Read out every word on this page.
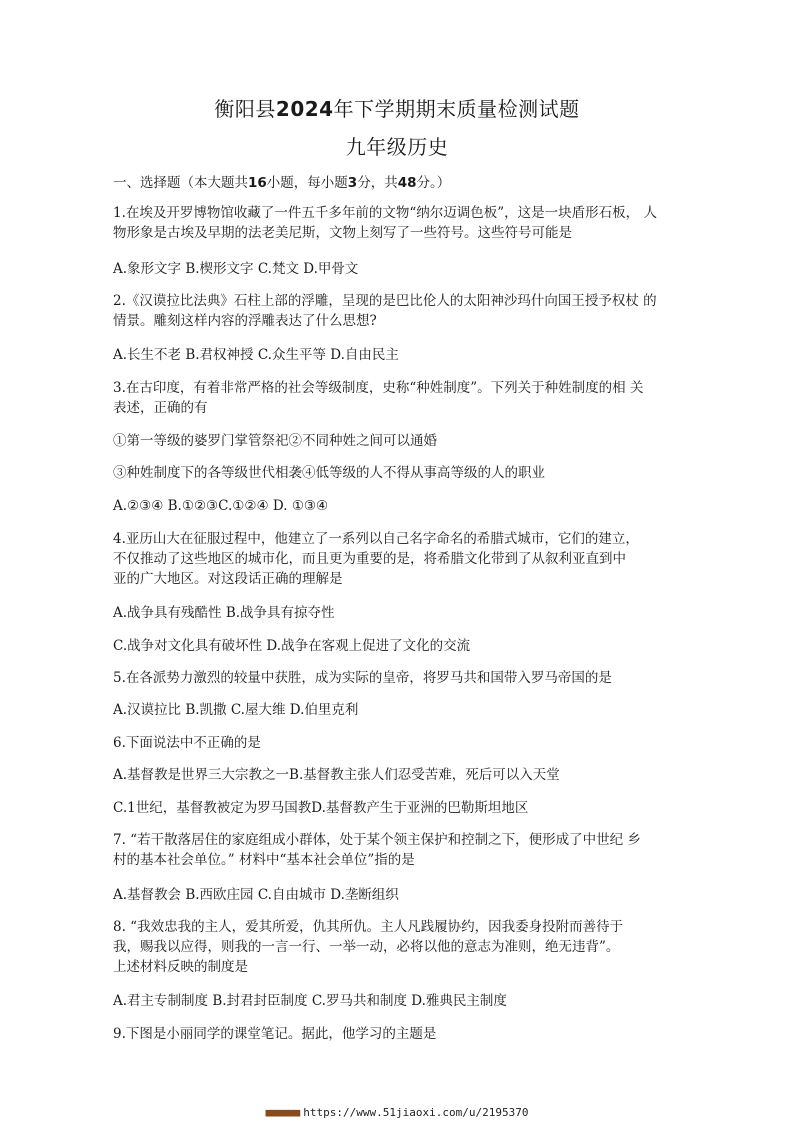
衡阳县2024年下学期期末质量检测试题
九年级历史
一、选择题（本大题共16小题，每小题3分，共48分。）
1.在埃及开罗博物馆收藏了一件五千多年前的文物“纳尔迈调色板”，这是一块盾形石板， 人
物形象是古埃及早期的法老美尼斯，文物上刻写了一些符号。这些符号可能是
A.象形文字 B.楔形文字 C.梵文 D.甲骨文
2.《汉谟拉比法典》石柱上部的浮雕，呈现的是巴比伦人的太阳神沙玛什向国王授予权杖 的
情景。雕刻这样内容的浮雕表达了什么思想?
A.长生不老 B.君权神授 C.众生平等 D.自由民主
3.在古印度，有着非常严格的社会等级制度，史称“种姓制度”。下列关于种姓制度的相 关
表述，正确的有
①第一等级的婆罗门掌管祭祀②不同种姓之间可以通婚
③种姓制度下的各等级世代相袭④低等级的人不得从事高等级的人的职业
A.②③④ B.①②③C.①②④ D. ①③④
4.亚历山大在征服过程中，他建立了一系列以自己名字命名的希腊式城市，它们的建立，
不仅推动了这些地区的城市化，而且更为重要的是，将希腊文化带到了从叙利亚直到中
亚的广大地区。对这段话正确的理解是
A.战争具有残酷性 B.战争具有掠夺性
C.战争对文化具有破坏性 D.战争在客观上促进了文化的交流
5.在各派势力激烈的较量中获胜，成为实际的皇帝，将罗马共和国带入罗马帝国的是
A.汉谟拉比 B.凯撒 C.屋大维 D.伯里克利
6.下面说法中不正确的是
A.基督教是世界三大宗教之一B.基督教主张人们忍受苦难，死后可以入天堂
C.1世纪，基督教被定为罗马国教D.基督教产生于亚洲的巴勒斯坦地区
7. “若干散落居住的家庭组成小群体，处于某个领主保护和控制之下，便形成了中世纪 乡
村的基本社会单位。” 材料中“基本社会单位”指的是
A.基督教会 B.西欧庄园 C.自由城市 D.垄断组织
8. “我效忠我的主人，爱其所爱，仇其所仇。主人凡践履协约，因我委身投附而善待于
我，赐我以应得，则我的一言一行、一举一动，必将以他的意志为准则，绝无违背”。
上述材料反映的制度是
A.君主专制制度 B.封君封臣制度 C.罗马共和制度 D.雅典民主制度
9.下图是小丽同学的课堂笔记。据此，他学习的主题是
■■■■■■ https://www.51jiaoxi.com/u/2195370
